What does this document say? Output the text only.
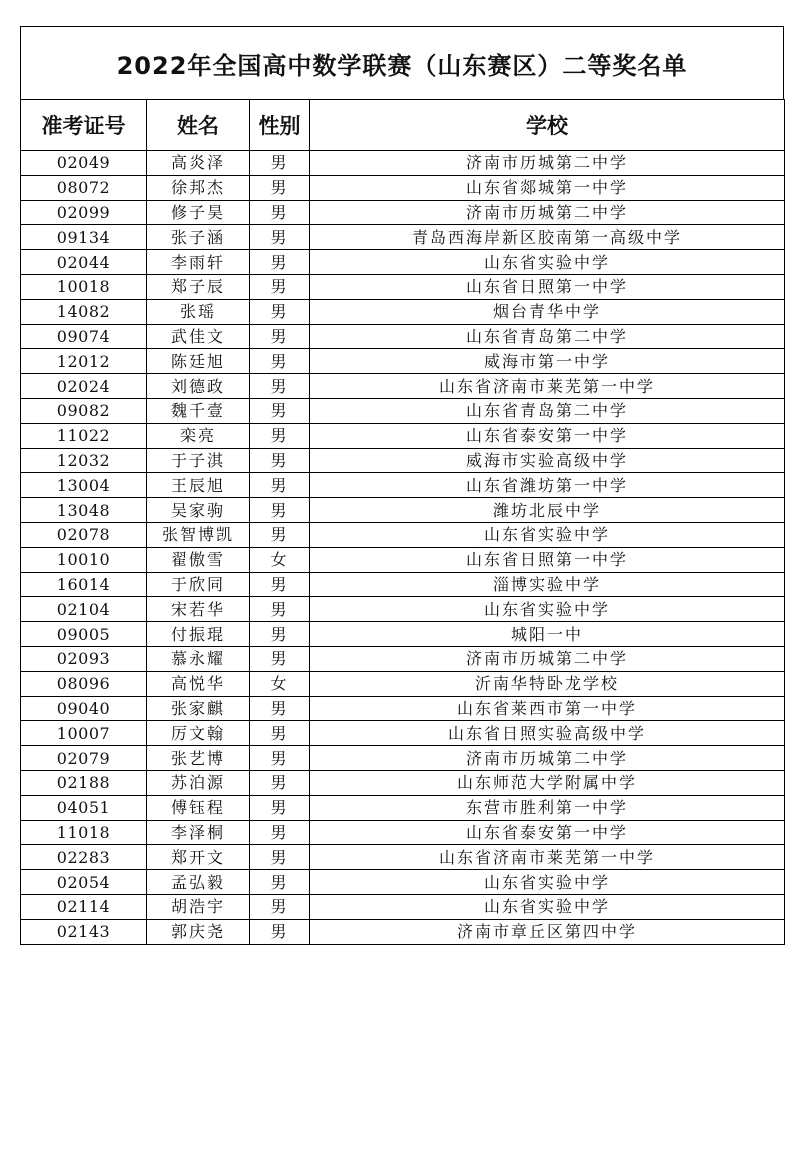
2022年全国高中数学联赛（山东赛区）二等奖名单
准考证号	姓名	性别	学校
02049	高炎泽	男	济南市历城第二中学
08072	徐邦杰	男	山东省郯城第一中学
02099	修子昊	男	济南市历城第二中学
09134	张子涵	男	青岛西海岸新区胶南第一高级中学
02044	李雨轩	男	山东省实验中学
10018	郑子辰	男	山东省日照第一中学
14082	张瑶	男	烟台青华中学
09074	武佳文	男	山东省青岛第二中学
12012	陈廷旭	男	威海市第一中学
02024	刘德政	男	山东省济南市莱芜第一中学
09082	魏千壹	男	山东省青岛第二中学
11022	栾亮	男	山东省泰安第一中学
12032	于子淇	男	威海市实验高级中学
13004	王辰旭	男	山东省潍坊第一中学
13048	吴家驹	男	潍坊北辰中学
02078	张智博凯	男	山东省实验中学
10010	翟傲雪	女	山东省日照第一中学
16014	于欣同	男	淄博实验中学
02104	宋若华	男	山东省实验中学
09005	付振琨	男	城阳一中
02093	慕永耀	男	济南市历城第二中学
08096	高悦华	女	沂南华特卧龙学校
09040	张家麒	男	山东省莱西市第一中学
10007	厉文翰	男	山东省日照实验高级中学
02079	张艺博	男	济南市历城第二中学
02188	苏泊源	男	山东师范大学附属中学
04051	傅钰程	男	东营市胜利第一中学
11018	李泽桐	男	山东省泰安第一中学
02283	郑开文	男	山东省济南市莱芜第一中学
02054	孟弘毅	男	山东省实验中学
02114	胡浩宇	男	山东省实验中学
02143	郭庆尧	男	济南市章丘区第四中学
